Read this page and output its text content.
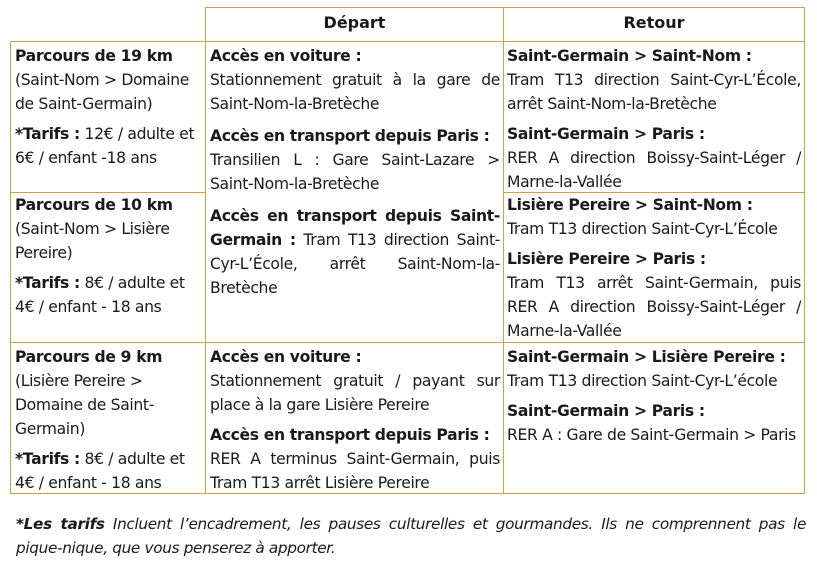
Départ	Retour

Parcours de 19 km

(Saint-Nom > Domaine de Saint-Germain)

*Tarifs : 12€ / adulte et 6€ / enfant -18 ans

Accès en voiture :

Stationnement gratuit à la gare de Saint-Nom-la-Bretèche

Accès en transport depuis Paris :

Transilien L : Gare Saint-Lazare > Saint-Nom-la-Bretèche

Accès en transport depuis Saint-Germain : Tram T13 direction Saint-Cyr-L’École, arrêt Saint-Nom-la-Bretèche

Saint-Germain > Saint-Nom :

Tram T13 direction Saint-Cyr-L’École, arrêt Saint-Nom-la-Bretèche

Saint-Germain > Paris :

RER A direction Boissy-Saint-Léger / Marne-la-Vallée

Parcours de 10 km

(Saint-Nom > Lisière Pereire)

*Tarifs : 8€ / adulte et 4€ / enfant - 18 ans

Lisière Pereire > Saint-Nom :

Tram T13 direction Saint-Cyr-L’École

Lisière Pereire > Paris :

Tram T13 arrêt Saint-Germain, puis RER A direction Boissy-Saint-Léger / Marne-la-Vallée

Parcours de 9 km

(Lisière Pereire > Domaine de Saint-Germain)

*Tarifs : 8€ / adulte et 4€ / enfant - 18 ans

Accès en voiture :

Stationnement gratuit / payant sur place à la gare Lisière Pereire

Accès en transport depuis Paris :

RER A terminus Saint-Germain, puis Tram T13 arrêt Lisière Pereire

Saint-Germain > Lisière Pereire :

Tram T13 direction Saint-Cyr-L’école

Saint-Germain > Paris :

RER A : Gare de Saint-Germain > Paris

*Les tarifs Incluent l’encadrement, les pauses culturelles et gourmandes. Ils ne comprennent pas le pique-nique, que vous penserez à apporter.
